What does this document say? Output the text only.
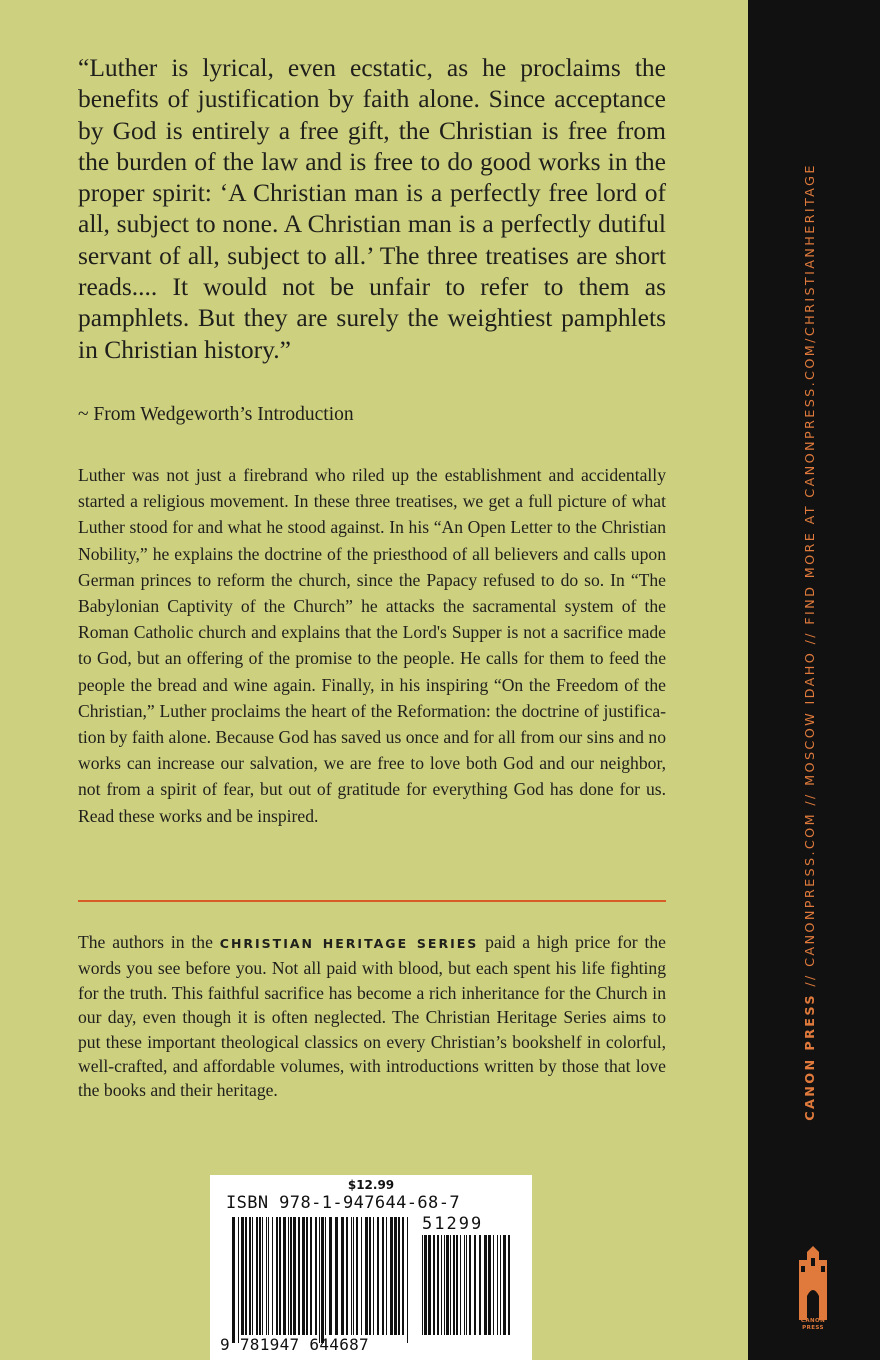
“Luther is lyrical, even ecstatic, as he proclaims the benefits of justification by faith alone. Since acceptance by God is entirely a free gift, the Christian is free from the burden of the law and is free to do good works in the proper spirit: ‘A Christian man is a perfectly free lord of all, subject to none. A Christian man is a perfectly dutiful servant of all, subject to all.’ The three treatises are short reads.... It would not be unfair to refer to them as pamphlets. But they are surely the weightiest pamphlets in Christian history.”

~ From Wedgeworth’s Introduction

Luther was not just a firebrand who riled up the establishment and accidentally started a religious movement. In these three treatises, we get a full picture of what Luther stood for and what he stood against. In his “An Open Letter to the Christian Nobility,” he explains the doctrine of the priesthood of all believers and calls upon German princes to reform the church, since the Papacy refused to do so. In “The Babylonian Captivity of the Church” he attacks the sacramental system of the Roman Catholic church and explains that the Lord's Supper is not a sacrifice made to God, but an offering of the promise to the people. He calls for them to feed the people the bread and wine again. Finally, in his inspiring “On the Freedom of the Christian,” Luther proclaims the heart of the Reformation: the doctrine of justification by faith alone. Because God has saved us once and for all from our sins and no works can increase our salvation, we are free to love both God and our neighbor, not from a spirit of fear, but out of gratitude for everything God has done for us. Read these works and be inspired.

The authors in the CHRISTIAN HERITAGE SERIES paid a high price for the words you see before you. Not all paid with blood, but each spent his life fighting for the truth. This faithful sacrifice has become a rich inheritance for the Church in our day, even though it is often neglected. The Christian Heritage Series aims to put these important theological classics on every Christian’s bookshelf in colorful, well-crafted, and affordable volumes, with introductions written by those that love the books and their heritage.

$12.99
ISBN 978-1-947644-68-7
51299
9 781947 644687
CANON PRESS // CANONPRESS.COM // MOSCOW IDAHO // FIND MORE AT CANONPRESS.COM/CHRISTIANHERITAGE
CANON
PRESS
